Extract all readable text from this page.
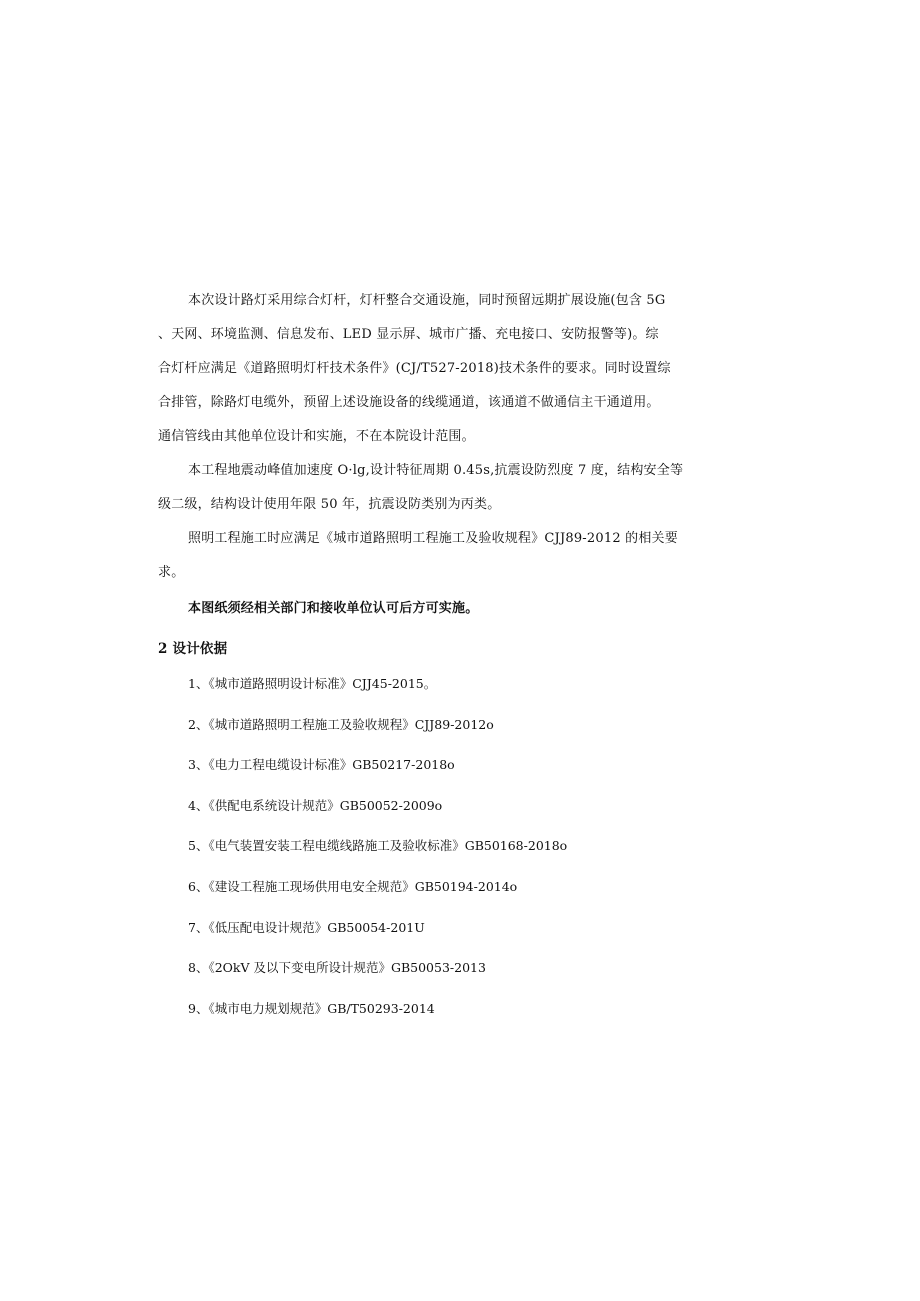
本次设计路灯采用综合灯杆，灯杆整合交通设施，同时预留远期扩展设施(包含 5G
、天网、环境监测、信息发布、LED 显示屏、城市广播、充电接口、安防报警等)。综
合灯杆应满足《道路照明灯杆技术条件》(CJ/T527-2018)技术条件的要求。同时设置综
合排管，除路灯电缆外，预留上述设施设备的线缆通道，该通道不做通信主干通道用。
通信管线由其他单位设计和实施，不在本院设计范围。
本工程地震动峰值加速度 O·lg,设计特征周期 0.45s,抗震设防烈度 7 度，结构安全等
级二级，结构设计使用年限 50 年，抗震设防类别为丙类。
照明工程施工时应满足《城市道路照明工程施工及验收规程》CJJ89-2012 的相关要
求。
本图纸须经相关部门和接收单位认可后方可实施。
2 设计依据
1、《城市道路照明设计标准》CJJ45-2015。
2、《城市道路照明工程施工及验收规程》CJJ89-2012o
3、《电力工程电缆设计标准》GB50217-2018o
4、《供配电系统设计规范》GB50052-2009o
5、《电气装置安装工程电缆线路施工及验收标准》GB50168-2018o
6、《建设工程施工现场供用电安全规范》GB50194-2014o
7、《低压配电设计规范》GB50054-201U
8、《2OkV 及以下变电所设计规范》GB50053-2013
9、《城市电力规划规范》GB/T50293-2014
